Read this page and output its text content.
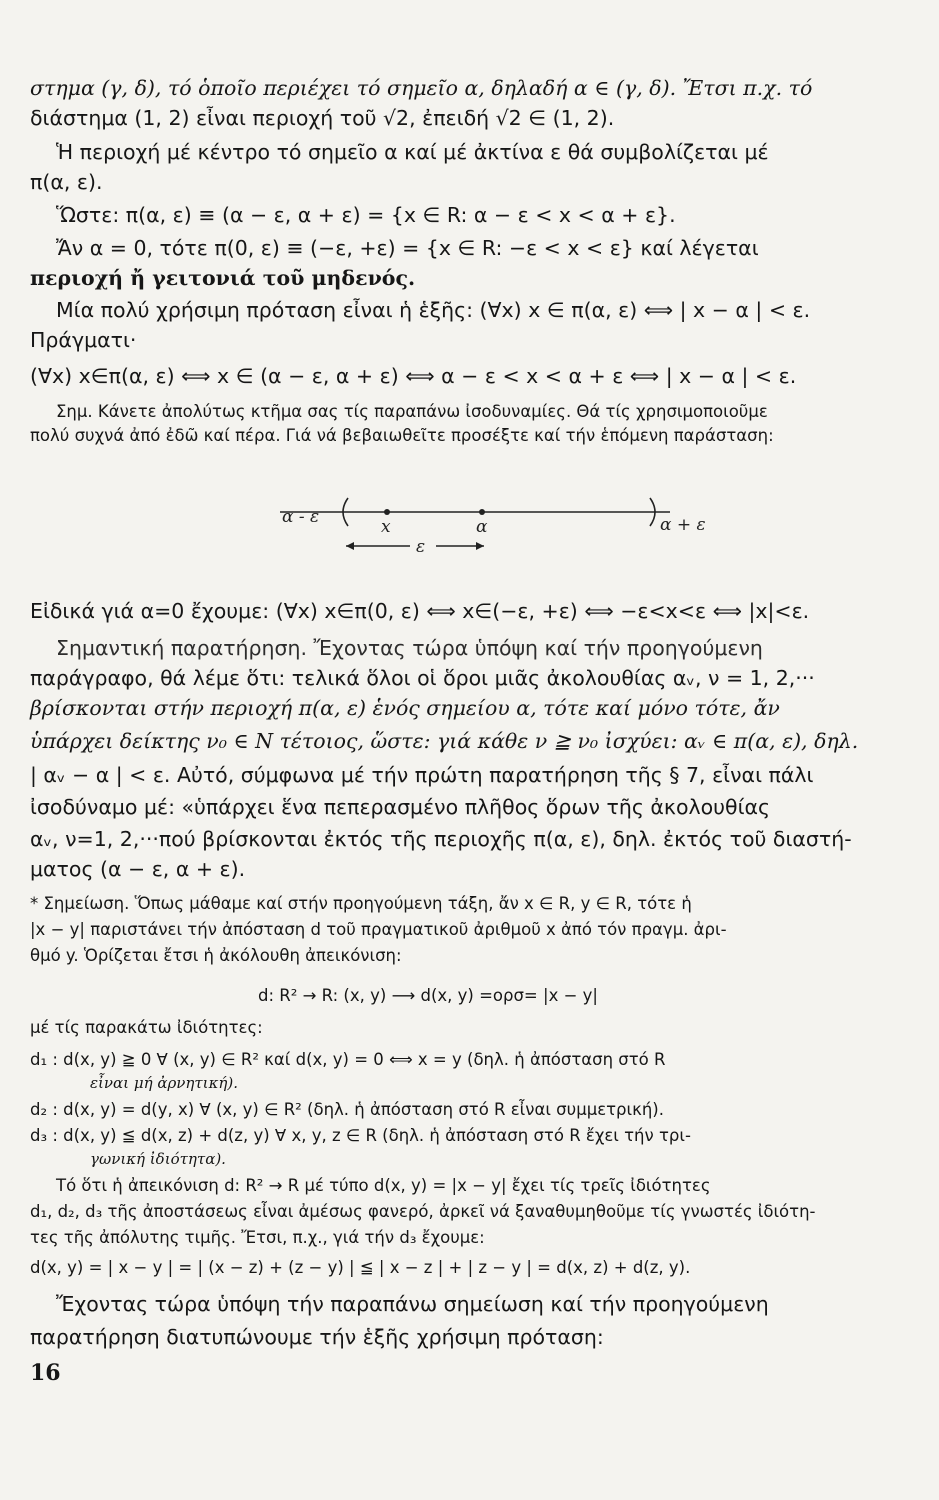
στημα (γ, δ), τό ὁποῖο περιέχει τό σημεῖο α, δηλαδή α ∈ (γ, δ). Ἔτσι π.χ. τό
διάστημα (1, 2) εἶναι περιοχή τοῦ √2, ἐπειδή √2 ∈ (1, 2).
Ἡ περιοχή μέ κέντρο τό σημεῖο α καί μέ ἀκτίνα ε θά συμβολίζεται μέ
π(α, ε).
Ὥστε: π(α, ε) ≡ (α − ε, α + ε) = {x ∈ R: α − ε < x < α + ε}.
Ἄν α = 0, τότε π(0, ε) ≡ (−ε, +ε) = {x ∈ R: −ε < x < ε} καί λέγεται
περιοχή ἤ γειτονιά τοῦ μηδενός.
Μία πολύ χρήσιμη πρόταση εἶναι ἡ ἑξῆς: (∀x) x ∈ π(α, ε) ⟺ | x − α | < ε.
Πράγματι·
(∀x) x∈π(α, ε) ⟺ x ∈ (α − ε, α + ε) ⟺ α − ε < x < α + ε ⟺ | x − α | < ε.
Σημ. Κάνετε ἀπολύτως κτῆμα σας τίς παραπάνω ἰσοδυναμίες. Θά τίς χρησιμοποιοῦμε
πολύ συχνά ἀπό ἐδῶ καί πέρα. Γιά νά βεβαιωθεῖτε προσέξτε καί τήν ἑπόμενη παράσταση:
α - ε	x	α	α + ε
ε
Εἰδικά γιά α=0 ἔχουμε: (∀x) x∈π(0, ε) ⟺ x∈(−ε, +ε) ⟺ −ε<x<ε ⟺ |x|<ε.
Σημαντική παρατήρηση. Ἔχοντας τώρα ὑπόψη καί τήν προηγούμενη
παράγραφο, θά λέμε ὅτι: τελικά ὅλοι οἱ ὅροι μιᾶς ἀκολουθίας αᵥ, ν = 1, 2,···
βρίσκονται στήν περιοχή π(α, ε) ἑνός σημείου α, τότε καί μόνο τότε, ἄν
ὑπάρχει δείκτης ν₀ ∈ N τέτοιος, ὥστε: γιά κάθε ν ≧ ν₀ ἰσχύει: αᵥ ∈ π(α, ε), δηλ.
| αᵥ − α | < ε. Αὐτό, σύμφωνα μέ τήν πρώτη παρατήρηση τῆς § 7, εἶναι πάλι
ἰσοδύναμο μέ: «ὑπάρχει ἕνα πεπερασμένο πλῆθος ὅρων τῆς ἀκολουθίας
αᵥ, ν=1, 2,···πού βρίσκονται ἐκτός τῆς περιοχῆς π(α, ε), δηλ. ἐκτός τοῦ διαστή-
ματος (α − ε, α + ε).
* Σημείωση. Ὅπως μάθαμε καί στήν προηγούμενη τάξη, ἄν x ∈ R, y ∈ R, τότε ἡ
|x − y| παριστάνει τήν ἀπόσταση d τοῦ πραγματικοῦ ἀριθμοῦ x ἀπό τόν πραγμ. ἀρι-
θμό y. Ὁρίζεται ἔτσι ἡ ἀκόλουθη ἀπεικόνιση:
d: R² → R: (x, y) ⟶ d(x, y) =ορσ= |x − y|
μέ τίς παρακάτω ἰδιότητες:
d₁ : d(x, y) ≧ 0 ∀ (x, y) ∈ R² καί d(x, y) = 0 ⟺ x = y (δηλ. ἡ ἀπόσταση στό R
εἶναι μή ἀρνητική).
d₂ : d(x, y) = d(y, x) ∀ (x, y) ∈ R² (δηλ. ἡ ἀπόσταση στό R εἶναι συμμετρική).
d₃ : d(x, y) ≦ d(x, z) + d(z, y) ∀ x, y, z ∈ R (δηλ. ἡ ἀπόσταση στό R ἔχει τήν τρι-
γωνική ἰδιότητα).
Τό ὅτι ἡ ἀπεικόνιση d: R² → R μέ τύπο d(x, y) = |x − y| ἔχει τίς τρεῖς ἰδιότητες
d₁, d₂, d₃ τῆς ἀποστάσεως εἶναι ἀμέσως φανερό, ἀρκεῖ νά ξαναθυμηθοῦμε τίς γνωστές ἰδιότη-
τες τῆς ἀπόλυτης τιμῆς. Ἔτσι, π.χ., γιά τήν d₃ ἔχουμε:
d(x, y) = | x − y | = | (x − z) + (z − y) | ≦ | x − z | + | z − y | = d(x, z) + d(z, y).
Ἔχοντας τώρα ὑπόψη τήν παραπάνω σημείωση καί τήν προηγούμενη
παρατήρηση διατυπώνουμε τήν ἑξῆς χρήσιμη πρόταση:
16
